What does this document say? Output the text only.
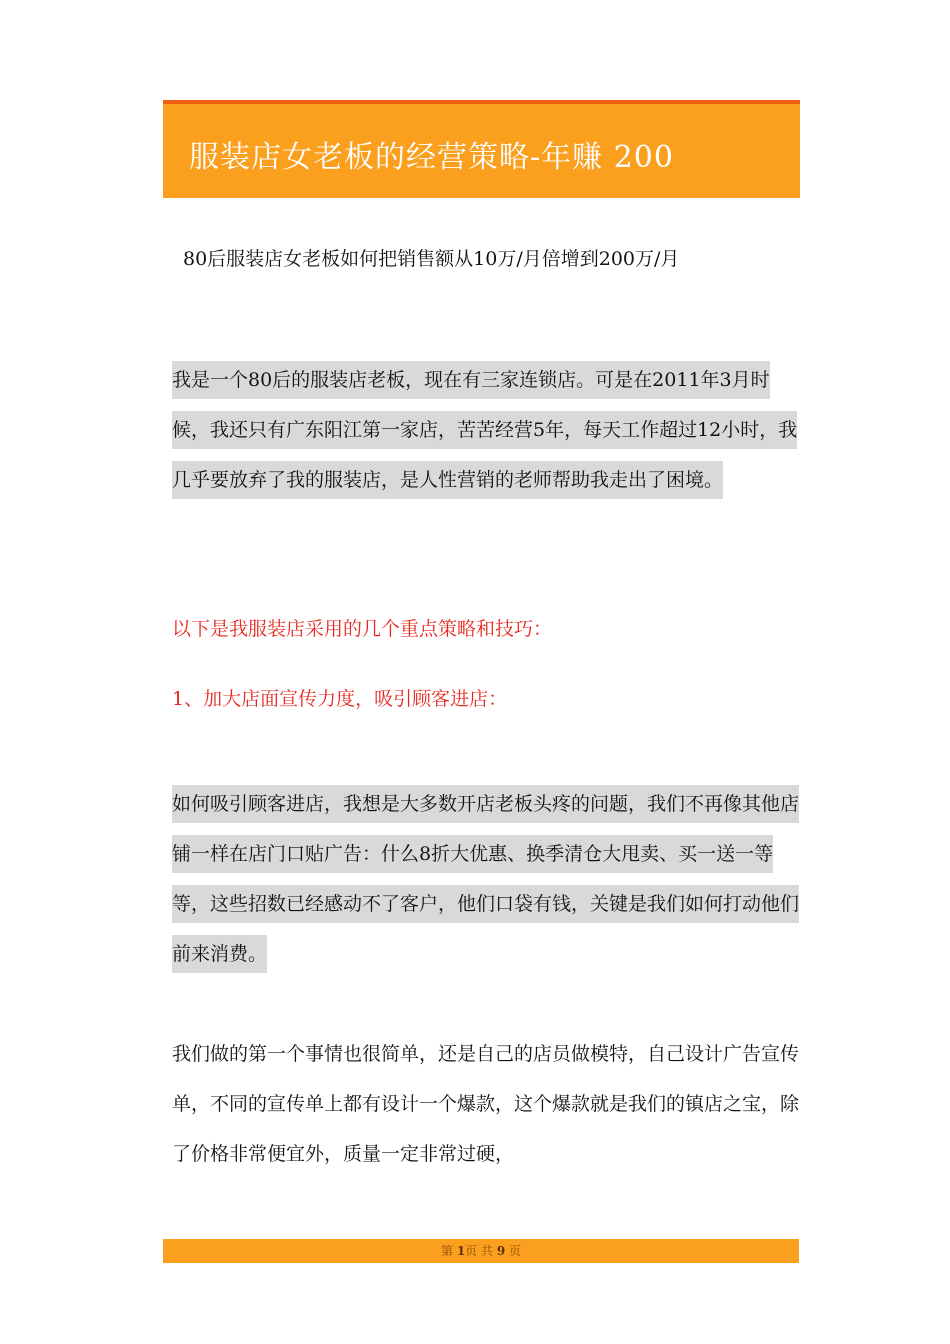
服装店女老板的经营策略-年赚 200
80后服装店女老板如何把销售额从10万/月倍增到200万/月
我是一个80后的服装店老板，现在有三家连锁店。可是在2011年3月时候，我还只有广东阳江第一家店，苦苦经营5年，每天工作超过12小时，我几乎要放弃了我的服装店，是人性营销的老师帮助我走出了困境。
以下是我服装店采用的几个重点策略和技巧：
1、加大店面宣传力度，吸引顾客进店：
如何吸引顾客进店，我想是大多数开店老板头疼的问题，我们不再像其他店铺一样在店门口贴广告：什么8折大优惠、换季清仓大甩卖、买一送一等等，这些招数已经感动不了客户，他们口袋有钱，关键是我们如何打动他们前来消费。
我们做的第一个事情也很简单，还是自己的店员做模特，自己设计广告宣传单，不同的宣传单上都有设计一个爆款，这个爆款就是我们的镇店之宝，除了价格非常便宜外，质量一定非常过硬，
第 1页 共 9 页
